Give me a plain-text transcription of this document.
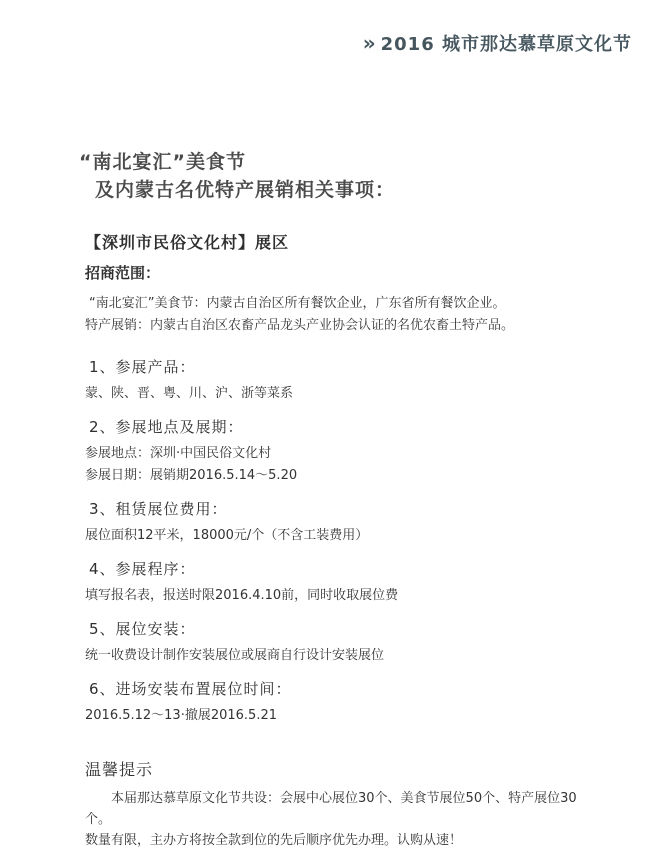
» 2016 城市那达慕草原文化节
“南北宴汇”美食节
及内蒙古名优特产展销相关事项：
【深圳市民俗文化村】展区
招商范围：

“南北宴汇”美食节：内蒙古自治区所有餐饮企业，广东省所有餐饮企业。

特产展销：内蒙古自治区农畜产品龙头产业协会认证的名优农畜土特产品。

1、参展产品：

蒙、陕、晋、粤、川、沪、浙等菜系

2、参展地点及展期：

参展地点：深圳·中国民俗文化村

参展日期：展销期2016.5.14～5.20

3、租赁展位费用：

展位面积12平米，18000元/个（不含工装费用）

4、参展程序：

填写报名表，报送时限2016.4.10前，同时收取展位费

5、展位安装：

统一收费设计制作安装展位或展商自行设计安装展位

6、进场安装布置展位时间：

2016.5.12～13·撤展2016.5.21

温馨提示

本届那达慕草原文化节共设：会展中心展位30个、美食节展位50个、特产展位30个。

数量有限，主办方将按全款到位的先后顺序优先办理。认购从速！
